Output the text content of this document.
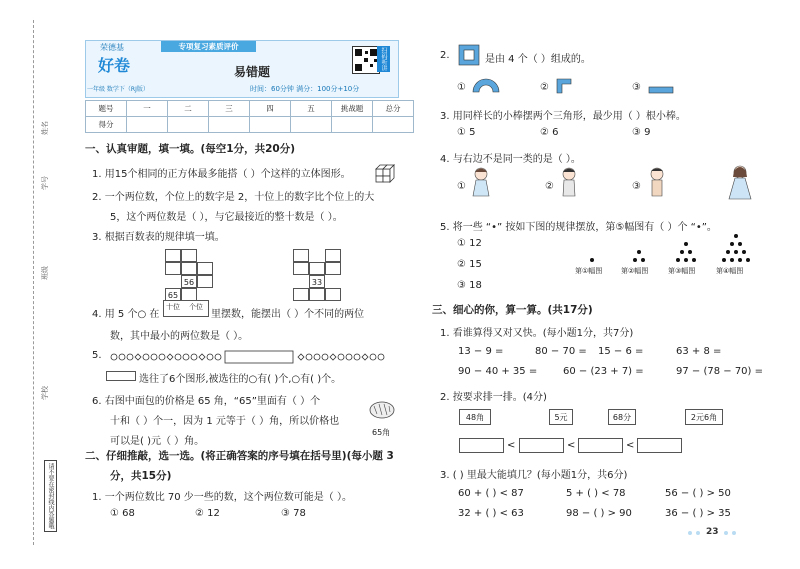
姓名
学号
班级
学校
请不要在密封线内答题哦
荣德基
好卷
一年级 数学下（RJ版）
专项复习素质评价
易错题
扫码听讲
时间：60分钟 满分：100分+10分
题号	一	二	三	四	五	挑战题	总分
得分							
一、认真审题，填一填。(每空1分，共20分)
1. 用15个相同的正方体最多能搭（ ）个这样的立体图形。
2. 一个两位数，个位上的数字是 2，十位上的数字比个位上的大
5，这个两位数是（ ），与它最接近的整十数是（ ）。
3. 根据百数表的规律填一填。
56
65
33
4. 用 5 个○ 在
十位 个位
里摆数，能摆出（ ）个不同的两位
数，其中最小的两位数是（ ）。
5.
选往了6个图形,被选往的○有( )个,○有( )个。
6. 右图中面包的价格是 65 角，“65”里面有（ ）个
十和（ ）个一，因为 1 元等于（ ）角，所以价格也
可以是( )元（ ）角。
65角
二、仔细推敲，选一选。(将正确答案的序号填在括号里)(每小题 3
分，共15分)
1. 一个两位数比 70 少一些的数，这个两位数可能是（ ）。
① 68	② 12	③ 78
2.	是由 4 个（ ）组成的。
①	②	③
3. 用同样长的小棒摆两个三角形，最少用（ ）根小棒。
① 5	② 6	③ 9
4. 与右边不是同一类的是（ ）。
①	②	③
5. 将一些 “•” 按如下图的规律摆放，第⑤幅图有（ ）个 “•”。
① 12
② 15
③ 18
第①幅图	第②幅图	第③幅图	第④幅图
三、细心的你，算一算。(共17分)
1. 看谁算得又对又快。(每小题1分，共7分)
13 − 9 =	80 − 70 = 15 − 6 =	63 + 8 =
90 − 40 + 35 =	60 − (23 + 7) =	97 − (78 − 70) =
2. 按要求排一排。(4分)
48角	5元	68分	2元6角
<	<	<
3. ( ) 里最大能填几？(每小题1分，共6分)
60 + ( ) < 87	5 + ( ) < 78	56 − ( ) > 50
32 + ( ) < 63	98 − ( ) > 90	36 − ( ) > 35
23
